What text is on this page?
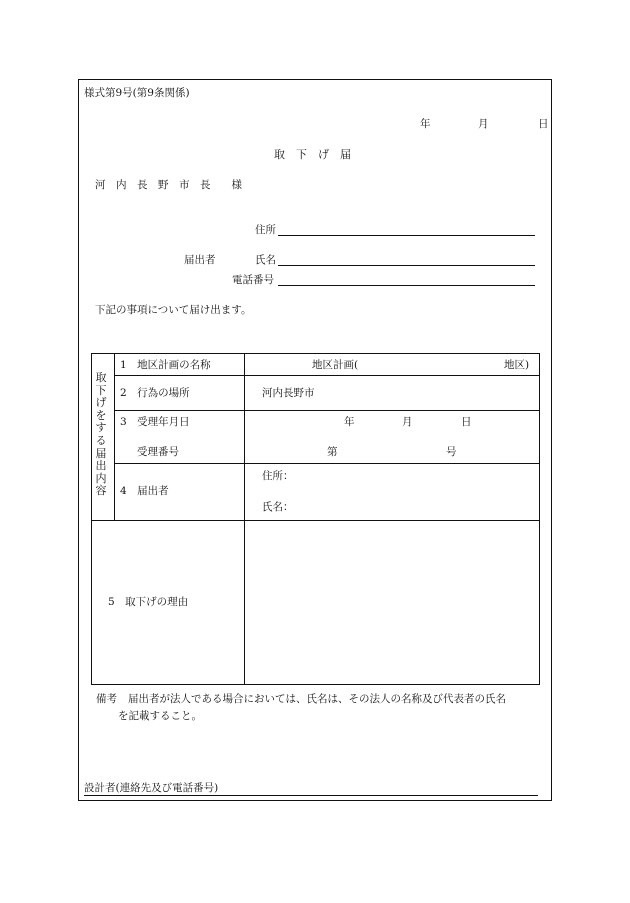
様式第9号(第9条関係)
年	月	日
取　下　げ　届
河　内　長　野　市　長　　様
住所
届出者	氏名
電話番号
下記の事項について届け出ます。
取下げをする届出内容
1　地区計画の名称	地区計画(	地区)
2　行為の場所	河内長野市
3　受理年月日	年	月	日
受理番号	第	号
4　届出者
住所：
氏名：
5　取下げの理由
備考 届出者が法人である場合においては、氏名は、その法人の名称及び代表者の氏名
を記載すること。
設計者(連絡先及び電話番号)
